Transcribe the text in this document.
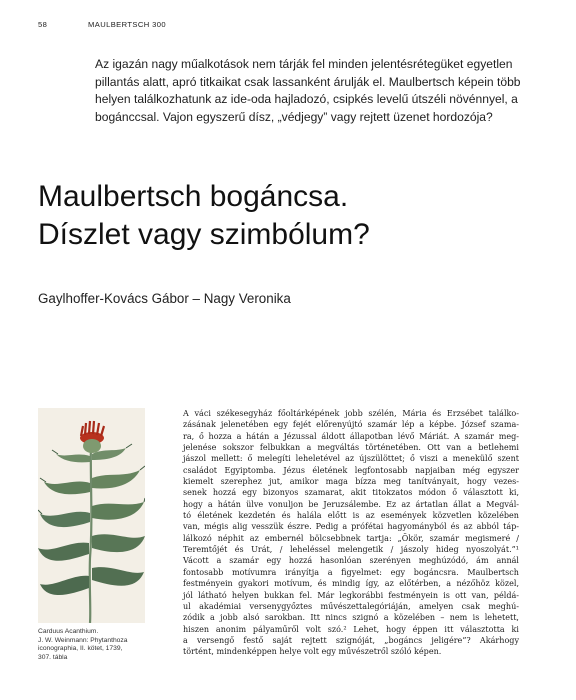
58	MAULBERTSCH 300

Az igazán nagy műalkotások nem tárják fel minden jelentésrétegüket egyetlen pillantás alatt, apró titkaikat csak lassanként árulják el. Maulbertsch képein több helyen találkozhatunk az ide-oda hajladozó, csipkés levelű útszéli növénnyel, a bogánccsal. Vajon egyszerű dísz, „védjegy” vagy rejtett üzenet hordozója?

Maulbertsch bogáncsa.
Díszlet vagy szimbólum?

Gaylhoffer-Kovács Gábor – Nagy Veronika

Carduus Acanthium.
J. W. Weinmann: Phytanthoza
iconographia, II. kötet, 1739,
307. tábla
A váci székesegyház főoltárképének jobb szélén, Mária és Erzsébet találko-
zásának jelenetében egy fejét előrenyújtó szamár lép a képbe. József szama-
ra, ő hozza a hátán a Jézussal áldott állapotban lévő Máriát. A szamár meg-
jelenése sokszor felbukkan a megváltás történetében. Ott van a betlehemi
jászol mellett: ő melegíti leheletével az újszülöttet; ő viszi a menekülő szent
családot Egyiptomba. Jézus életének legfontosabb napjaiban még egyszer
kiemelt szerephez jut, amikor maga bízza meg tanítványait, hogy vezes-
senek hozzá egy bizonyos szamarat, akit titokzatos módon ő választott ki,
hogy a hátán ülve vonuljon be Jeruzsálembe. Ez az ártatlan állat a Megvál-
tó életének kezdetén és halála előtt is az események közvetlen közelében
van, mégis alig vesszük észre. Pedig a prófétai hagyományból és az abból táp-
lálkozó néphit az embernél bölcsebbnek tartja: „Ökör, szamár megismeré /
Teremtőjét és Urát, / leheléssel melengetik / jászoly hideg nyoszolyát.”¹
Vácott a szamár egy hozzá hasonlóan szerényen meghúzódó, ám annál
fontosabb motívumra irányítja a figyelmet: egy bogáncsra. Maulbertsch
festményein gyakori motívum, és mindig így, az előtérben, a nézőhöz közel,
jól látható helyen bukkan fel. Már legkorábbi festményein is ott van, példá-
ul akadémiai versenygyőztes művészettalegóriáján, amelyen csak meghú-
zódik a jobb alsó sarokban. Itt nincs szignó a közelében – nem is lehetett,
hiszen anonim pályaműről volt szó.² Lehet, hogy éppen itt választotta ki
a versengő festő saját rejtett szignóját, „bogáncs jeligére”? Akárhogy
történt, mindenképpen helye volt egy művészetről szóló képen.
